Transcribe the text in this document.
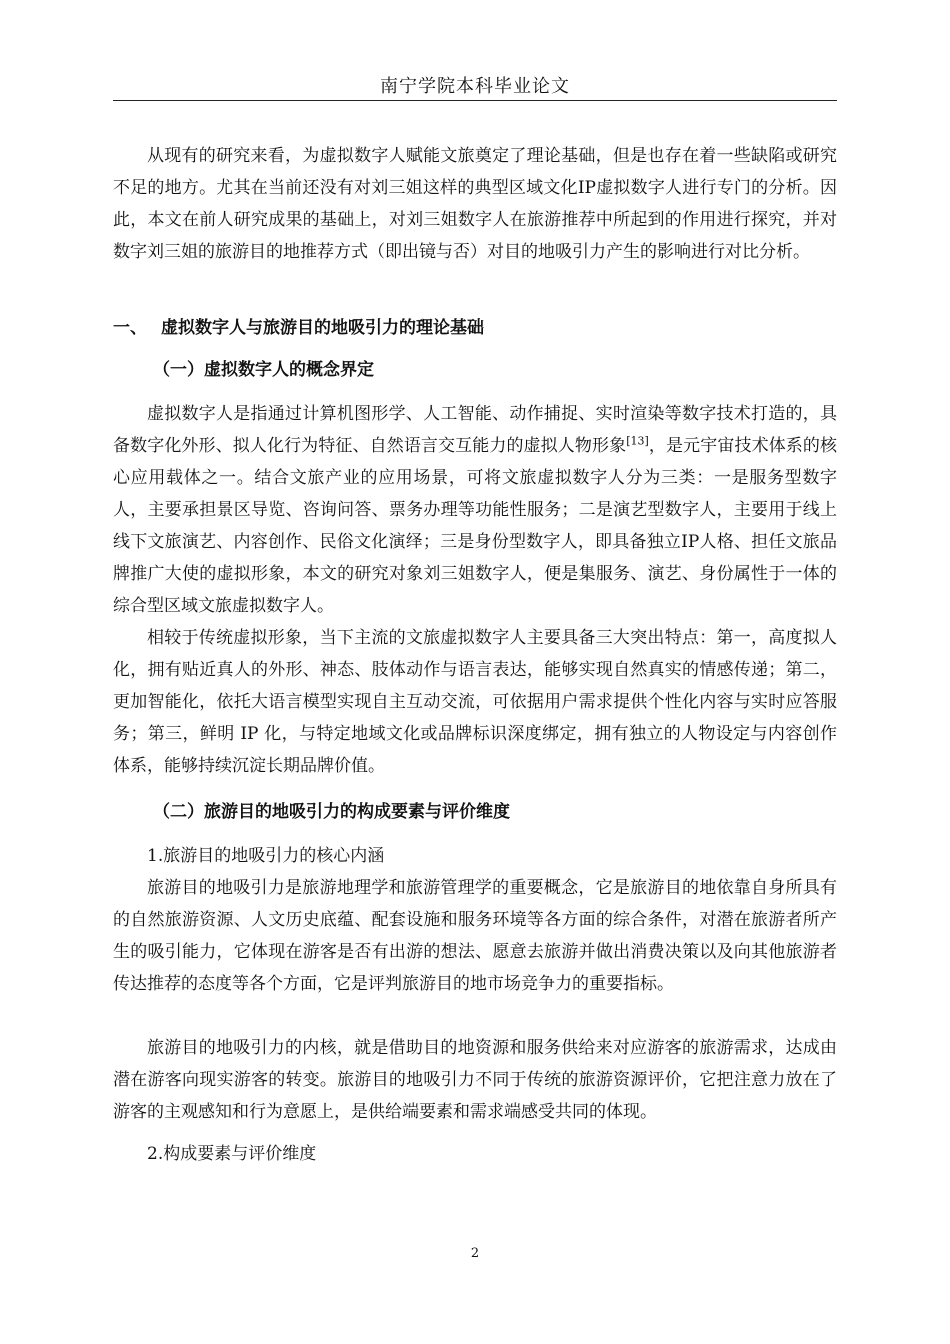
南宁学院本科毕业论文

从现有的研究来看，为虚拟数字人赋能文旅奠定了理论基础，但是也存在着一些缺陷或研究不足的地方。尤其在当前还没有对刘三姐这样的典型区域文化IP虚拟数字人进行专门的分析。因此，本文在前人研究成果的基础上，对刘三姐数字人在旅游推荐中所起到的作用进行探究，并对数字刘三姐的旅游目的地推荐方式（即出镜与否）对目的地吸引力产生的影响进行对比分析。

一、 虚拟数字人与旅游目的地吸引力的理论基础
（一）虚拟数字人的概念界定

虚拟数字人是指通过计算机图形学、人工智能、动作捕捉、实时渲染等数字技术打造的，具备数字化外形、拟人化行为特征、自然语言交互能力的虚拟人物形象[13]，是元宇宙技术体系的核心应用载体之一。结合文旅产业的应用场景，可将文旅虚拟数字人分为三类：一是服务型数字人，主要承担景区导览、咨询问答、票务办理等功能性服务；二是演艺型数字人，主要用于线上线下文旅演艺、内容创作、民俗文化演绎；三是身份型数字人，即具备独立IP人格、担任文旅品牌推广大使的虚拟形象，本文的研究对象刘三姐数字人，便是集服务、演艺、身份属性于一体的综合型区域文旅虚拟数字人。

相较于传统虚拟形象，当下主流的文旅虚拟数字人主要具备三大突出特点：第一，高度拟人化，拥有贴近真人的外形、神态、肢体动作与语言表达，能够实现自然真实的情感传递；第二，更加智能化，依托大语言模型实现自主互动交流，可依据用户需求提供个性化内容与实时应答服务；第三，鲜明 IP 化，与特定地域文化或品牌标识深度绑定，拥有独立的人物设定与内容创作体系，能够持续沉淀长期品牌价值。

（二）旅游目的地吸引力的构成要素与评价维度
1.旅游目的地吸引力的核心内涵

旅游目的地吸引力是旅游地理学和旅游管理学的重要概念，它是旅游目的地依靠自身所具有的自然旅游资源、人文历史底蕴、配套设施和服务环境等各方面的综合条件，对潜在旅游者所产生的吸引能力，它体现在游客是否有出游的想法、愿意去旅游并做出消费决策以及向其他旅游者传达推荐的态度等各个方面，它是评判旅游目的地市场竞争力的重要指标。

旅游目的地吸引力的内核，就是借助目的地资源和服务供给来对应游客的旅游需求，达成由潜在游客向现实游客的转变。旅游目的地吸引力不同于传统的旅游资源评价，它把注意力放在了游客的主观感知和行为意愿上，是供给端要素和需求端感受共同的体现。

2.构成要素与评价维度
2
